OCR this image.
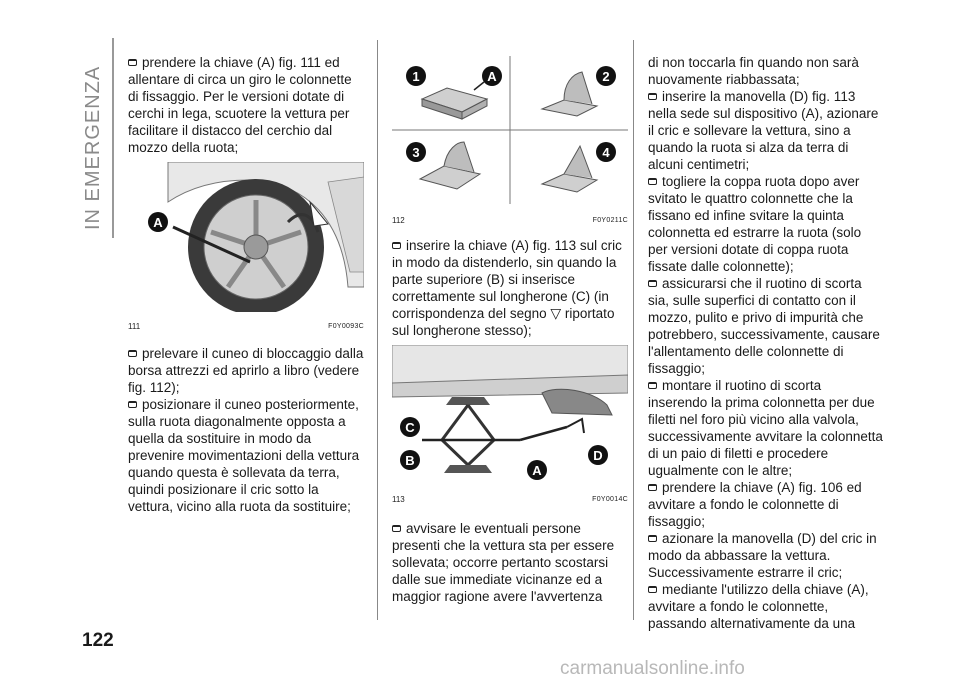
IN EMERGENZA
122

prendere la chiave (A) fig. 111 ed allentare di circa un giro le colonnette di fissaggio. Per le versioni dotate di cerchi in lega, scuotere la vettura per facilitare il distacco del cerchio dal mozzo della ruota;

A
111	F0Y0093C

prelevare il cuneo di bloccaggio dalla borsa attrezzi ed aprirlo a libro (vedere fig. 112);

posizionare il cuneo posteriormente, sulla ruota diagonalmente opposta a quella da sostituire in modo da prevenire movimentazioni della vettura quando questa è sollevata da terra, quindi posizionare il cric sotto la vettura, vicino alla ruota da sostituire;

1	A	2
3	4
112	F0Y0211C

inserire la chiave (A) fig. 113 sul cric in modo da distenderlo, sin quando la parte superiore (B) si inserisce correttamente sul longherone (C) (in corrispondenza del segno ▽ riportato sul longherone stesso);

C
B
A
D
113	F0Y0014C

avvisare le eventuali persone presenti che la vettura sta per essere sollevata; occorre pertanto scostarsi dalle sue immediate vicinanze ed a maggior ragione avere l'avvertenza

di non toccarla fin quando non sarà nuovamente riabbassata;

inserire la manovella (D) fig. 113 nella sede sul dispositivo (A), azionare il cric e sollevare la vettura, sino a quando la ruota si alza da terra di alcuni centimetri;

togliere la coppa ruota dopo aver svitato le quattro colonnette che la fissano ed infine svitare la quinta colonnetta ed estrarre la ruota (solo per versioni dotate di coppa ruota fissate dalle colonnette);

assicurarsi che il ruotino di scorta sia, sulle superfici di contatto con il mozzo, pulito e privo di impurità che potrebbero, successivamente, causare l'allentamento delle colonnette di fissaggio;

montare il ruotino di scorta inserendo la prima colonnetta per due filetti nel foro più vicino alla valvola, successivamente avvitare la colonnetta di un paio di filetti e procedere ugualmente con le altre;

prendere la chiave (A) fig. 106 ed avvitare a fondo le colonnette di fissaggio;

azionare la manovella (D) del cric in modo da abbassare la vettura. Successivamente estrarre il cric;

mediante l'utilizzo della chiave (A), avvitare a fondo le colonnette, passando alternativamente da una

carmanualsonline.info
